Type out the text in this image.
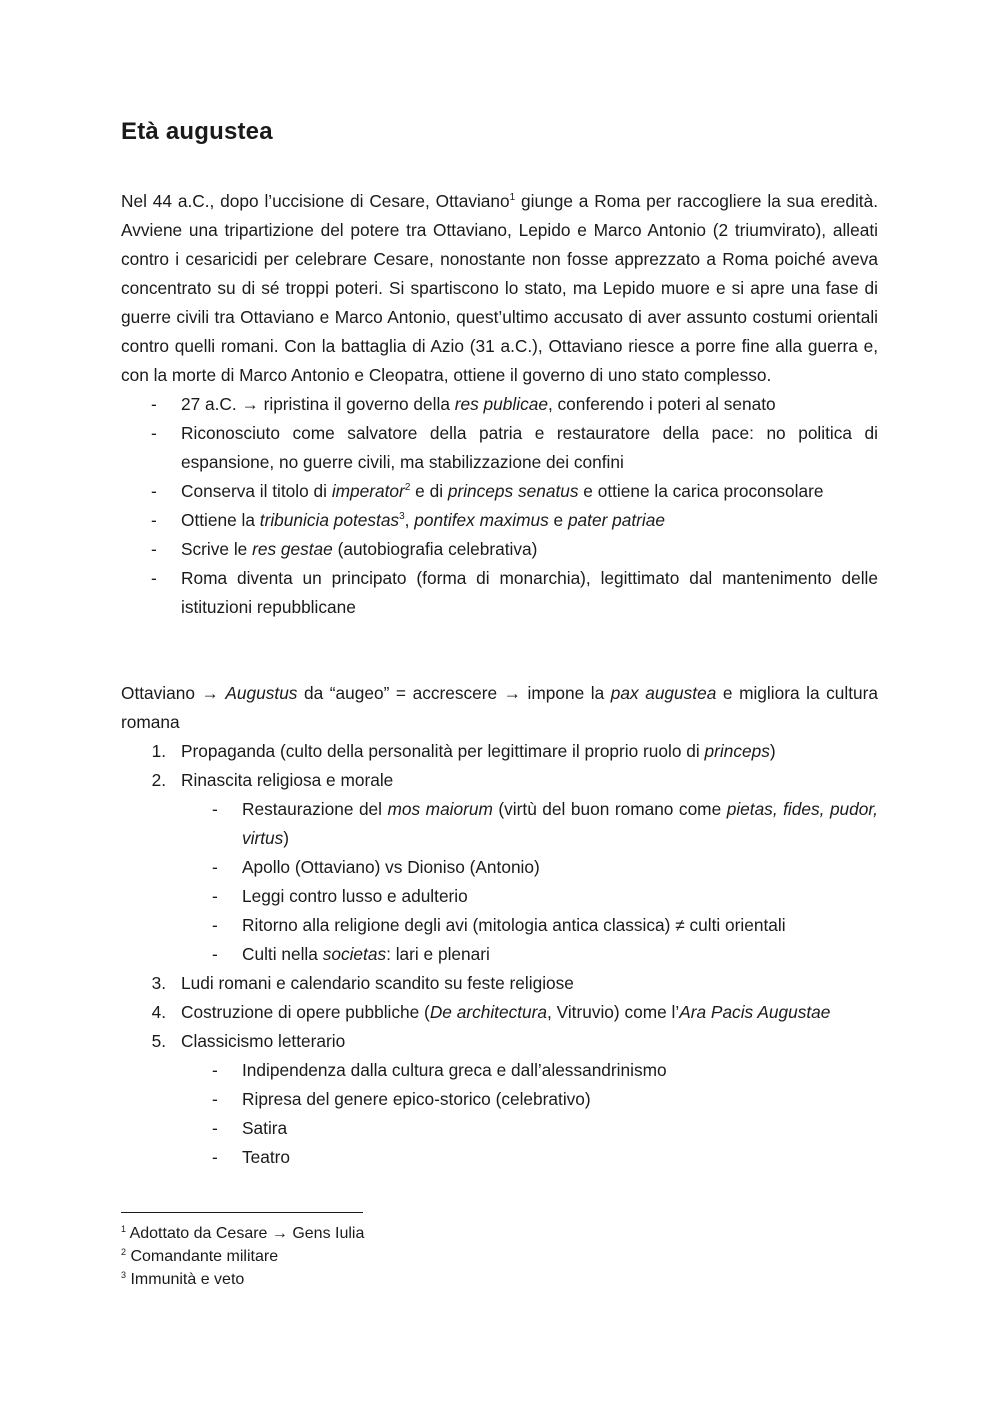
Età augustea

Nel 44 a.C., dopo l’uccisione di Cesare, Ottaviano$^1$ giunge a Roma per raccogliere la sua eredità. Avviene una tripartizione del potere tra Ottaviano, Lepido e Marco Antonio (2 triumvirato), alleati contro i cesaricidi per celebrare Cesare, nonostante non fosse apprezzato a Roma poiché aveva concentrato su di sé troppi poteri. Si spartiscono lo stato, ma Lepido muore e si apre una fase di guerre civili tra Ottaviano e Marco Antonio, quest’ultimo accusato di aver assunto costumi orientali contro quelli romani. Con la battaglia di Azio (31 a.C.), Ottaviano riesce a porre fine alla guerra e, con la morte di Marco Antonio e Cleopatra, ottiene il governo di uno stato complesso.

-	27 a.C. → ripristina il governo della res publicae, conferendo i poteri al senato
-	Riconosciuto come salvatore della patria e restauratore della pace: no politica di espansione, no guerre civili, ma stabilizzazione dei confini
-	Conserva il titolo di imperator$^2$ e di princeps senatus e ottiene la carica proconsolare
-	Ottiene la tribunicia potestas$^3$, pontifex maximus e pater patriae
-	Scrive le res gestae (autobiografia celebrativa)
-	Roma diventa un principato (forma di monarchia), legittimato dal mantenimento delle istituzioni repubblicane

Ottaviano → Augustus da “augeo” = accrescere → impone la pax augustea e migliora la cultura romana

1. Propaganda (culto della personalità per legittimare il proprio ruolo di princeps)
2. Rinascita religiosa e morale
-	Restaurazione del mos maiorum (virtù del buon romano come pietas, fides, pudor, virtus)
-	Apollo (Ottaviano) vs Dioniso (Antonio)
-	Leggi contro lusso e adulterio
-	Ritorno alla religione degli avi (mitologia antica classica) ≠ culti orientali
-	Culti nella societas: lari e plenari
3. Ludi romani e calendario scandito su feste religiose
4. Costruzione di opere pubbliche (De architectura, Vitruvio) come l’Ara Pacis Augustae
5. Classicismo letterario
-	Indipendenza dalla cultura greca e dall’alessandrinismo
-	Ripresa del genere epico-storico (celebrativo)
-	Satira
-	Teatro
$^1$ Adottato da Cesare → Gens Iulia
$^2$ Comandante militare
$^3$ Immunità e veto
